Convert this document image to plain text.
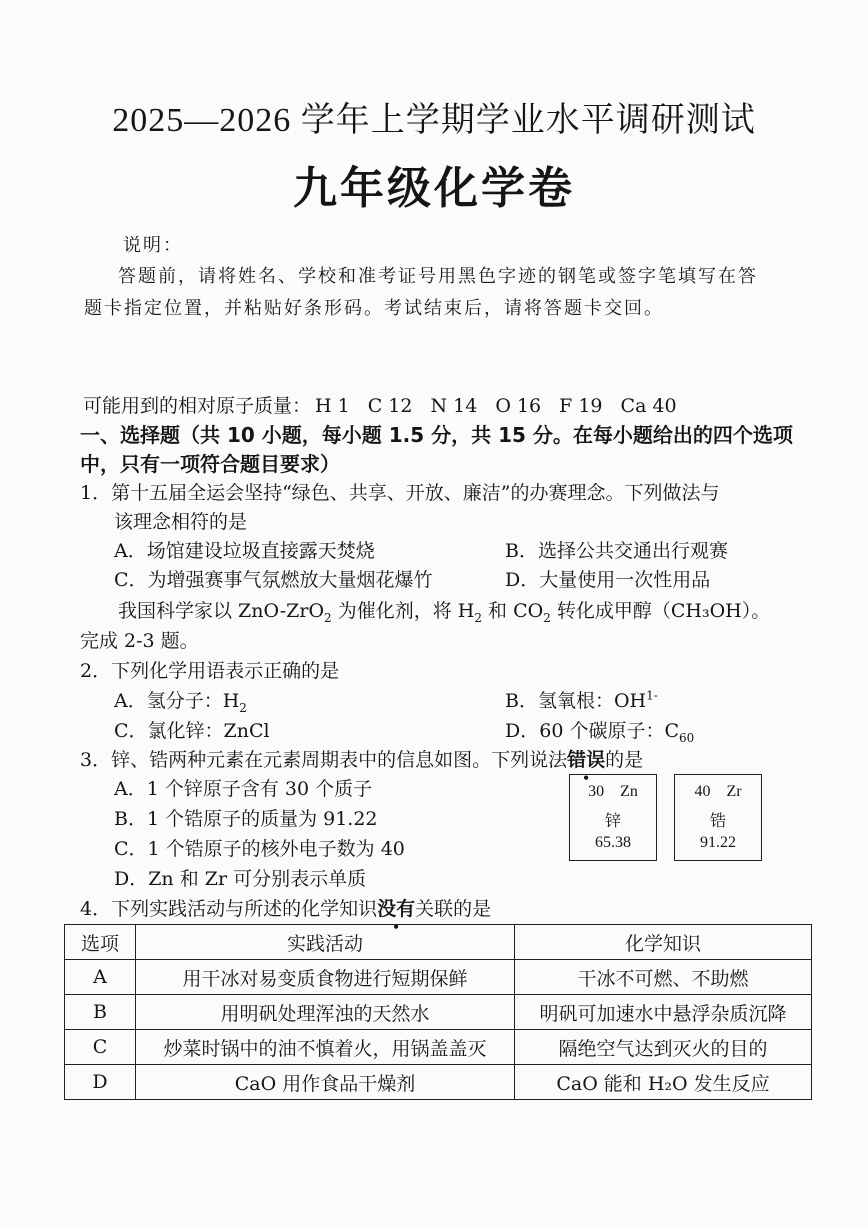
2025—2026 学年上学期学业水平调研测试
九年级化学卷
说明：
答题前，请将姓名、学校和准考证号用黑色字迹的钢笔或签字笔填写在答
题卡指定位置，并粘贴好条形码。考试结束后，请将答题卡交回。
可能用到的相对原子质量： H 1 C 12 N 14 O 16 F 19 Ca 40
一、选择题（共 10 小题，每小题 1.5 分，共 15 分。在每小题给出的四个选项
中，只有一项符合题目要求）
1．第十五届全运会坚持“绿色、共享、开放、廉洁”的办赛理念。下列做法与
该理念相符的是
A．场馆建设垃圾直接露天焚烧	B．选择公共交通出行观赛
C．为增强赛事气氛燃放大量烟花爆竹	D．大量使用一次性用品
我国科学家以 ZnO-ZrO$_2$ 为催化剂，将 $H_2$ 和 $CO_2$ 转化成甲醇（CH₃OH）。
完成 2-3 题。
2．下列化学用语表示正确的是
A．氢分子：$H_2$	B．氢氧根：$OH^{1-}$
C．氯化锌：ZnCl	D．60 个碳原子：$C_{60}$
3．锌、锆两种元素在元素周期表中的信息如图。下列说法错误的是
A．1 个锌原子含有 30 个质子
B．1 个锆原子的质量为 91.22
C．1 个锆原子的核外电子数为 40
D．Zn 和 Zr 可分别表示单质
30 Zn
锌
65.38
40 Zr
锆
91.22
4．下列实践活动与所述的化学知识没有关联的是
选项	实践活动	化学知识
A	用干冰对易变质食物进行短期保鲜	干冰不可燃、不助燃
B	用明矾处理浑浊的天然水	明矾可加速水中悬浮杂质沉降
C	炒菜时锅中的油不慎着火，用锅盖盖灭	隔绝空气达到灭火的目的
D	CaO 用作食品干燥剂	CaO 能和 H₂O 发生反应
